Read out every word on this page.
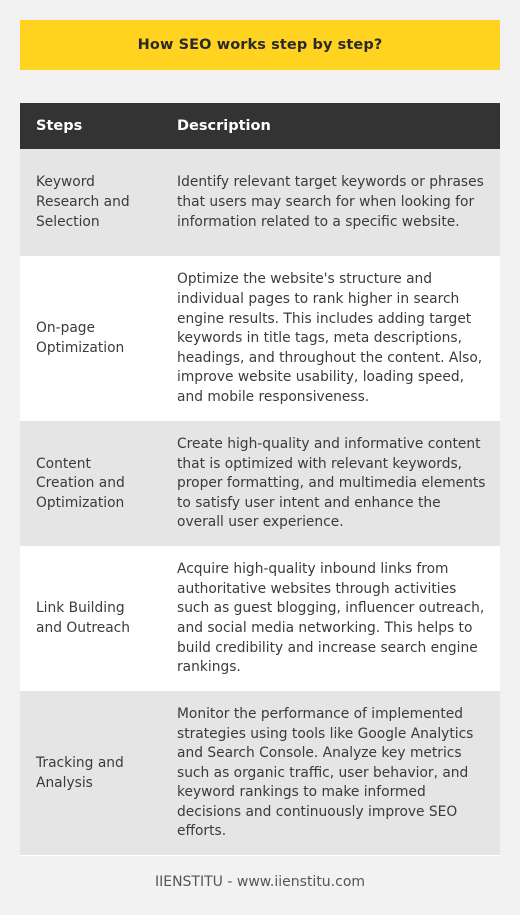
How SEO works step by step?
Steps	Description
Keyword Research and Selection	Identify relevant target keywords or phrases that users may search for when looking for information related to a specific website.
On-page Optimization	Optimize the website's structure and individual pages to rank higher in search engine results. This includes adding target keywords in title tags, meta descriptions, headings, and throughout the content. Also, improve website usability, loading speed, and mobile responsiveness.
Content Creation and Optimization	Create high-quality and informative content that is optimized with relevant keywords, proper formatting, and multimedia elements to satisfy user intent and enhance the overall user experience.
Link Building and Outreach	Acquire high-quality inbound links from authoritative websites through activities such as guest blogging, influencer outreach, and social media networking. This helps to build credibility and increase search engine rankings.
Tracking and Analysis	Monitor the performance of implemented strategies using tools like Google Analytics and Search Console. Analyze key metrics such as organic traffic, user behavior, and keyword rankings to make informed decisions and continuously improve SEO efforts.
IIENSTITU - www.iienstitu.com
